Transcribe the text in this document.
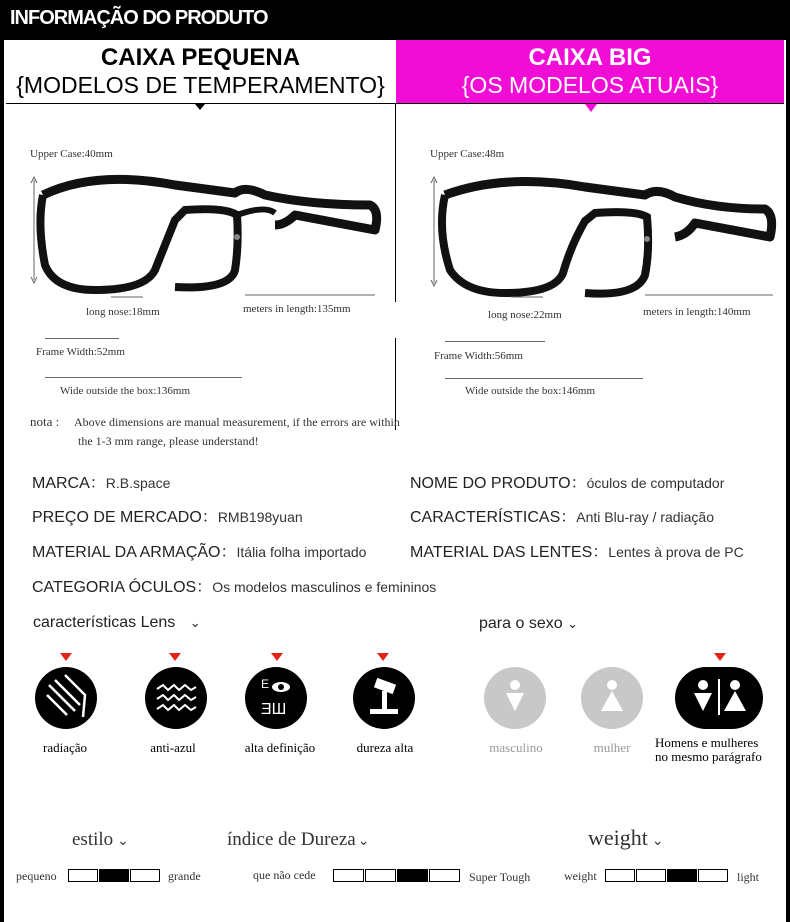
INFORMAÇÃO DO PRODUTO
CAIXA PEQUENA
{MODELOS DE TEMPERAMENTO}
CAIXA BIG
{OS MODELOS ATUAIS}
Upper Case:40mm
long nose:18mm	meters in length:135mm
Frame Width:52mm
Wide outside the box:136mm
Upper Case:48m
long nose:22mm	meters in length:140mm
Frame Width:56mm
Wide outside the box:146mm
nota : Above dimensions are manual measurement, if the errors are within
the 1-3 mm range, please understand!
MARCA：R.B.space	NOME DO PRODUTO：óculos de computador
PREÇO DE MERCADO：RMB198yuan	CARACTERÍSTICAS：Anti Blu-ray / radiação
MATERIAL DA ARMAÇÃO：Itália folha importado	MATERIAL DAS LENTES：Lentes à prova de PC
CATEGORIA ÓCULOS：Os modelos masculinos e femininos
características Lens ⌄	para o sexo ⌄
radiação	anti-azul
E
ƎШ
alta definição	dureza alta	masculino	mulher	Homens e mulheres
no mesmo parágrafo
estilo ⌄	índice de Dureza ⌄	weight ⌄
pequeno	grande	que não cede	Super Tough	weight	light
